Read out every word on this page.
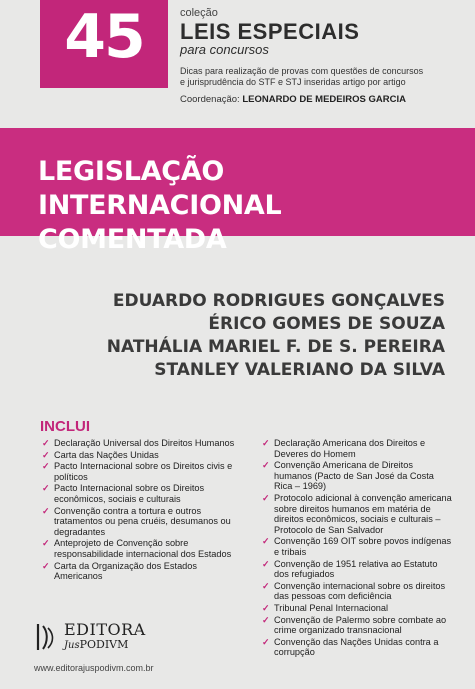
45	coleção
LEIS ESPECIAIS
para concursos
Dicas para realização de provas com questões de concursos
e jurisprudência do STF e STJ inseridas artigo por artigo
Coordenação: LEONARDO DE MEDEIROS GARCIA
LEGISLAÇÃO INTERNACIONAL
COMENTADA
EDUARDO RODRIGUES GONÇALVES
ÉRICO GOMES DE SOUZA
NATHÁLIA MARIEL F. DE S. PEREIRA
STANLEY VALERIANO DA SILVA
INCLUI
✓ Declaração Universal dos Direitos Humanos
✓ Carta das Nações Unidas
✓ Pacto Internacional sobre os Direitos civis e políticos
✓ Pacto Internacional sobre os Direitos econômicos, sociais e culturais
✓ Convenção contra a tortura e outros tratamentos ou pena cruéis, desumanos ou degradantes
✓ Anteprojeto de Convenção sobre responsabilidade internacional dos Estados
✓ Carta da Organização dos Estados Americanos
✓ Declaração Americana dos Direitos e Deveres do Homem
✓ Convenção Americana de Direitos humanos (Pacto de San José da Costa Rica – 1969)
✓ Protocolo adicional à convenção americana sobre direitos humanos em matéria de direitos econômicos, sociais e culturais – Protocolo de San Salvador
✓ Convenção 169 OIT sobre povos indígenas e tribais
✓ Convenção de 1951 relativa ao Estatuto dos refugiados
✓ Convenção internacional sobre os direitos das pessoas com deficiência
✓ Tribunal Penal Internacional
✓ Convenção de Palermo sobre combate ao crime organizado transnacional
✓ Convenção das Nações Unidas contra a corrupção
EDITORA
JusPODIVM
www.editorajuspodivm.com.br
